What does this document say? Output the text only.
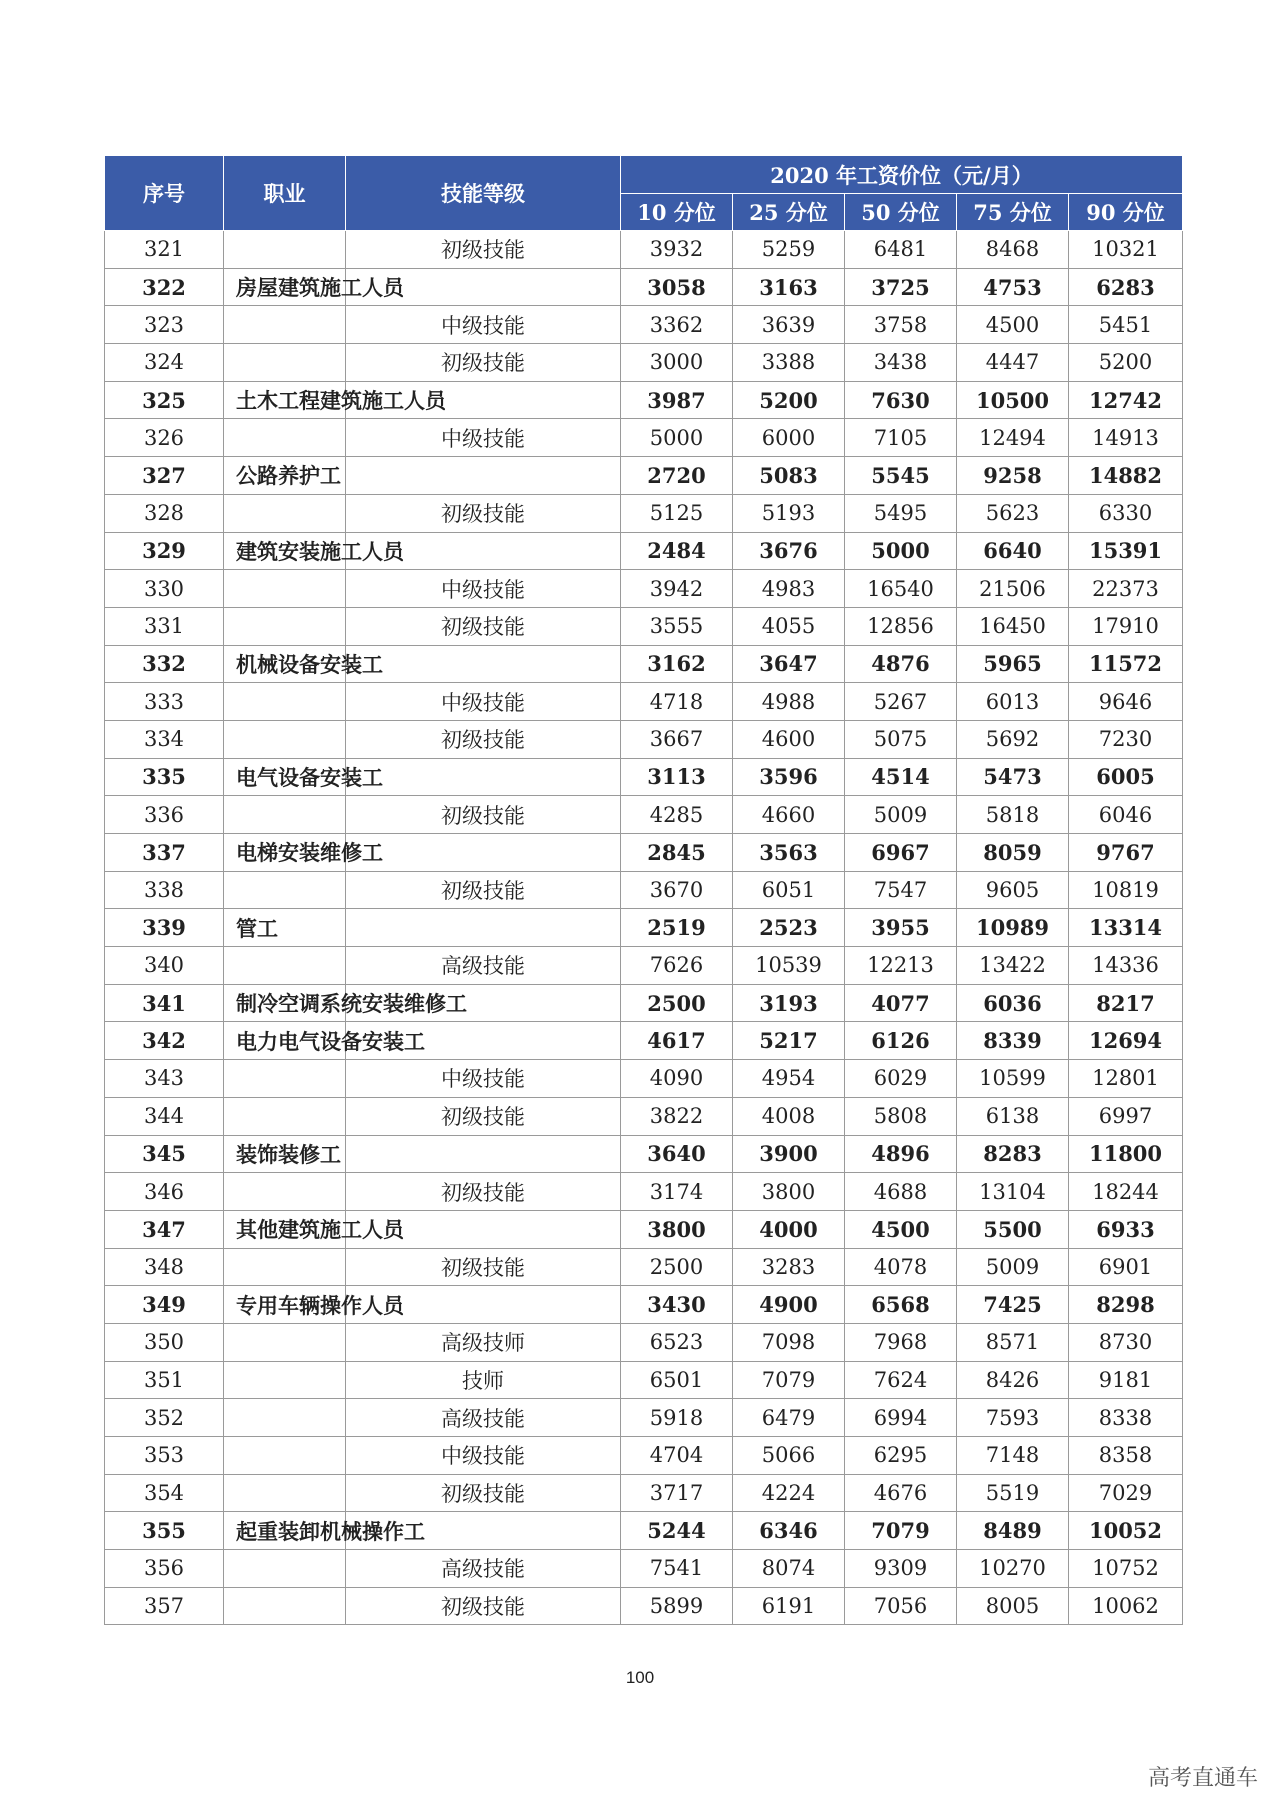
序号	职业	技能等级	2020 年工资价位（元/月）				
			10 分位	25 分位	50 分位	75 分位	90 分位
321		初级技能	3932	5259	6481	8468	10321
322	房屋建筑施工人员		3058	3163	3725	4753	6283
323		中级技能	3362	3639	3758	4500	5451
324		初级技能	3000	3388	3438	4447	5200
325	土木工程建筑施工人员		3987	5200	7630	10500	12742
326		中级技能	5000	6000	7105	12494	14913
327	公路养护工		2720	5083	5545	9258	14882
328		初级技能	5125	5193	5495	5623	6330
329	建筑安装施工人员		2484	3676	5000	6640	15391
330		中级技能	3942	4983	16540	21506	22373
331		初级技能	3555	4055	12856	16450	17910
332	机械设备安装工		3162	3647	4876	5965	11572
333		中级技能	4718	4988	5267	6013	9646
334		初级技能	3667	4600	5075	5692	7230
335	电气设备安装工		3113	3596	4514	5473	6005
336		初级技能	4285	4660	5009	5818	6046
337	电梯安装维修工		2845	3563	6967	8059	9767
338		初级技能	3670	6051	7547	9605	10819
339	管工		2519	2523	3955	10989	13314
340		高级技能	7626	10539	12213	13422	14336
341	制冷空调系统安装维修工		2500	3193	4077	6036	8217
342	电力电气设备安装工		4617	5217	6126	8339	12694
343		中级技能	4090	4954	6029	10599	12801
344		初级技能	3822	4008	5808	6138	6997
345	装饰装修工		3640	3900	4896	8283	11800
346		初级技能	3174	3800	4688	13104	18244
347	其他建筑施工人员		3800	4000	4500	5500	6933
348		初级技能	2500	3283	4078	5009	6901
349	专用车辆操作人员		3430	4900	6568	7425	8298
350		高级技师	6523	7098	7968	8571	8730
351		技师	6501	7079	7624	8426	9181
352		高级技能	5918	6479	6994	7593	8338
353		中级技能	4704	5066	6295	7148	8358
354		初级技能	3717	4224	4676	5519	7029
355	起重装卸机械操作工		5244	6346	7079	8489	10052
356		高级技能	7541	8074	9309	10270	10752
357		初级技能	5899	6191	7056	8005	10062
100
高考直通车
